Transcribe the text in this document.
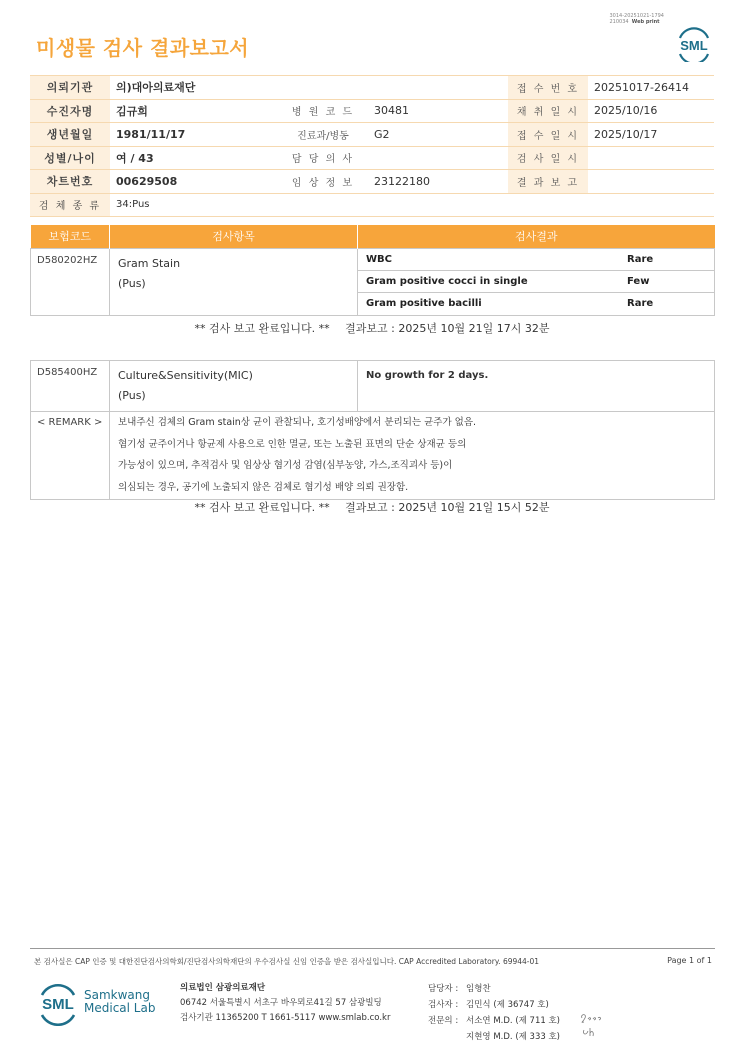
3014-20251021-1794
210034 Web print
미생물 검사 결과보고서	SML
의뢰기관	의)대아의료재단			접 수 번 호	20251017-26414
수진자명	김규희	병 원 코 드	30481	채 취 일 시	2025/10/16
생년월일	1981/11/17	진료과/병동	G2	접 수 일 시	2025/10/17
성별/나이	여 / 43	담 당 의 사		검 사 일 시	
차트번호	00629508	임 상 정 보	23122180	결 과 보 고	
검 체 종 류	34:Pus				
보험코드	검사항목	검사결과
D580202HZ	Gram Stain
(Pus)

WBC	Rare
Gram positive cocci in single	Few
Gram positive bacilli	Rare
** 검사 보고 완료입니다. ** 결과보고 : 2025년 10월 21일 17시 32분
D585400HZ	Culture&Sensitivity(MIC)
(Pus)	No growth for 2 days.
< REMARK >	보내주신 검체의 Gram stain상 균이 관찰되나, 호기성배양에서 분리되는 균주가 없음.
혐기성 균주이거나 항균제 사용으로 인한 멸균, 또는 노출된 표면의 단순 상재균 등의
가능성이 있으며, 추적검사 및 임상상 혐기성 감염(심부농양, 가스,조직괴사 등)이
의심되는 경우, 공기에 노출되지 않은 검체로 혐기성 배양 의뢰 권장함.	
** 검사 보고 완료입니다. ** 결과보고 : 2025년 10월 21일 15시 52분
본 검사실은 CAP 인증 및 대한진단검사의학회/진단검사의학재단의 우수검사실 신임 인증을 받은 검사실입니다. CAP Accredited Laboratory. 69944-01	Page 1 of 1
SML
Samkwang
Medical Lab
의료법인 삼광의료재단
06742 서울특별시 서초구 바우뫼로41길 57 삼광빌딩
검사기관 11365200 T 1661-5117 www.smlab.co.kr
담당자 : 임형찬
검사자 : 김민식 (제 36747 호)
전문의 : 서소연 M.D. (제 711 호)
지현영 M.D. (제 333 호)
